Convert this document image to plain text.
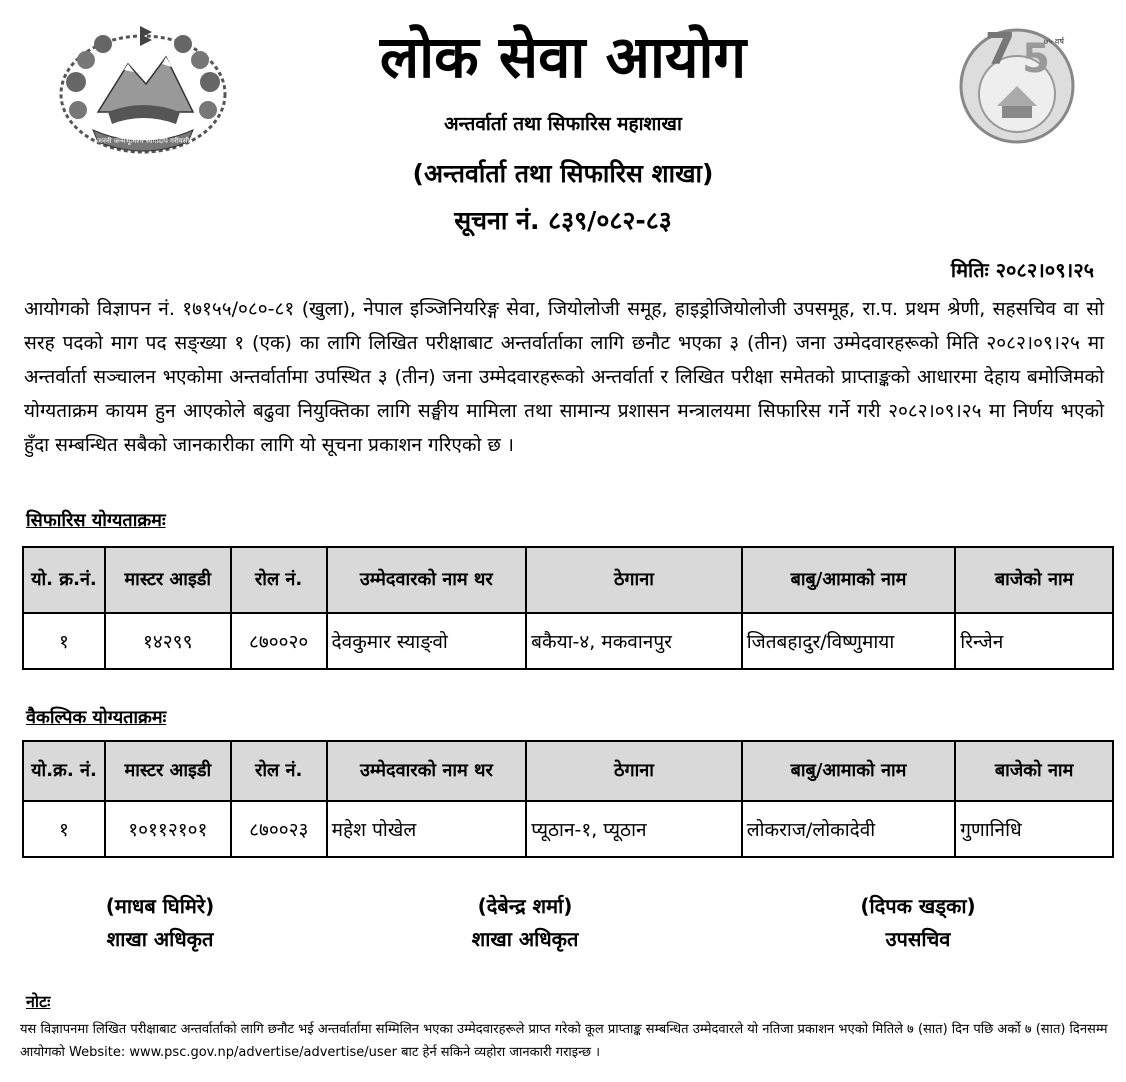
जननी जन्मभूमिश्च स्वर्गादपि गरीयसी
7 5
७५ वर्ष
लोक सेवा आयोग
अन्तर्वार्ता तथा सिफारिस महाशाखा
(अन्तर्वार्ता तथा सिफारिस शाखा)
सूचना नं. ८३९/०८२-८३
मितिः २०८२।०९।२५
आयोगको विज्ञापन नं. १७१५५/०८०-८१ (खुला), नेपाल इञ्जिनियरिङ्ग सेवा, जियोलोजी समूह, हाइड्रोजियोलोजी उपसमूह, रा.प. प्रथम श्रेणी, सहसचिव वा सो सरह पदको माग पद सङ्ख्या १ (एक) का लागि लिखित परीक्षाबाट अन्तर्वार्ताका लागि छनौट भएका ३ (तीन) जना उम्मेदवारहरूको मिति २०८२।०९।२५ मा अन्तर्वार्ता सञ्चालन भएकोमा अन्तर्वार्तामा उपस्थित ३ (तीन) जना उम्मेदवारहरूको अन्तर्वार्ता र लिखित परीक्षा समेतको प्राप्ताङ्कको आधारमा देहाय बमोजिमको योग्यताक्रम कायम हुन आएकोले बढुवा नियुक्तिका लागि सङ्घीय मामिला तथा सामान्य प्रशासन मन्त्रालयमा सिफारिस गर्ने गरी २०८२।०९।२५ मा निर्णय भएको हुँदा सम्बन्धित सबैको जानकारीका लागि यो सूचना प्रकाशन गरिएको छ ।
सिफारिस योग्यताक्रमः
यो. क्र.नं.	मास्टर आइडी	रोल नं.	उम्मेदवारको नाम थर	ठेगाना	बाबु/आमाको नाम	बाजेको नाम
१	१४२९९	८७००२०	देवकुमार स्याङ्वो	बकैया-४, मकवानपुर	जितबहादुर/विष्णुमाया	रिन्जेन
वैकल्पिक योग्यताक्रमः
यो.क्र. नं.	मास्टर आइडी	रोल नं.	उम्मेदवारको नाम थर	ठेगाना	बाबु/आमाको नाम	बाजेको नाम
१	१०११२१०१	८७००२३	महेश पोखेल	प्यूठान-१, प्यूठान	लोकराज/लोकादेवी	गुणानिधि
(माधब घिमिरे)
शाखा अधिकृत
(देबेन्द्र शर्मा)
शाखा अधिकृत
(दिपक खड्का)
उपसचिव
नोटः
यस विज्ञापनमा लिखित परीक्षाबाट अन्तर्वार्ताको लागि छनौट भई अन्तर्वार्तामा सम्मिलिन भएका उम्मेदवारहरूले प्राप्त गरेको कूल प्राप्ताङ्क सम्बन्धित उम्मेदवारले यो नतिजा प्रकाशन भएको मितिले ७ (सात) दिन पछि अर्को ७ (सात) दिनसम्म आयोगको Website: www.psc.gov.np/advertise/advertise/user बाट हेर्न सकिने व्यहोरा जानकारी गराइन्छ ।
